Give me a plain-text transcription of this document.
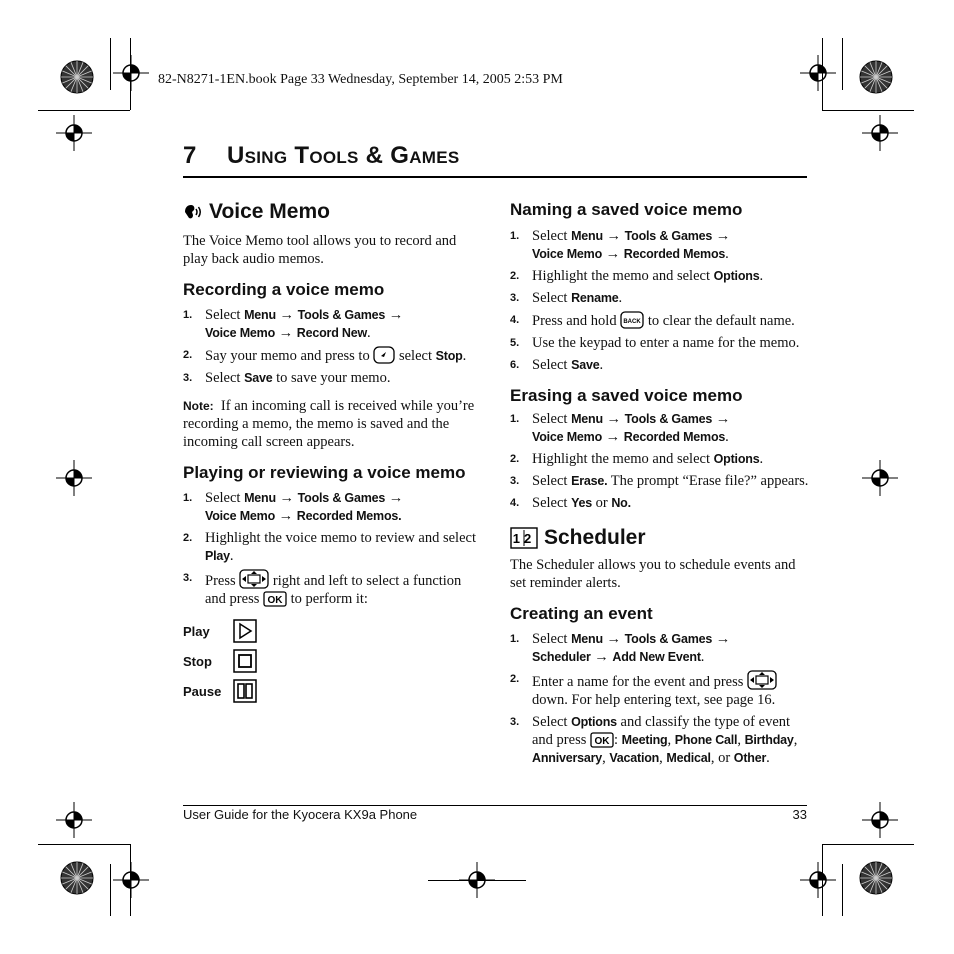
82-N8271-1EN.book Page 33 Wednesday, September 14, 2005 2:53 PM
7 Using Tools & Games
Voice Memo

The Voice Memo tool allows you to record and play back audio memos.

Recording a voice memo
1. Select Menu → Tools & Games →
Voice Memo → Record New.
2. Say your memo and press to  select Stop.
3. Select Save to save your memo.

Note: If an incoming call is received while you’re recording a memo, the memo is saved and the incoming call screen appears.

Playing or reviewing a voice memo
1. Select Menu → Tools & Games →
Voice Memo → Recorded Memos.
2. Highlight the voice memo to review and select Play.
3. Press  right and left to select a function and press OK to perform it:
Play
Stop
Pause
Naming a saved voice memo
1. Select Menu → Tools & Games →
Voice Memo → Recorded Memos.
2. Highlight the memo and select Options.
3. Select Rename.
4. Press and hold BACK to clear the default name.
5. Use the keypad to enter a name for the memo.
6. Select Save.
Erasing a saved voice memo
1. Select Menu → Tools & Games →
Voice Memo → Recorded Memos.
2. Highlight the memo and select Options.
3. Select Erase. The prompt “Erase file?” appears.
4. Select Yes or No.
12 Scheduler

The Scheduler allows you to schedule events and set reminder alerts.

Creating an event
1. Select Menu → Tools & Games →
Scheduler → Add New Event.
2. Enter a name for the event and press  down. For help entering text, see page 16.
3. Select Options and classify the type of event and press OK : Meeting, Phone Call, Birthday, Anniversary, Vacation, Medical, or Other.
User Guide for the Kyocera KX9a Phone	33
